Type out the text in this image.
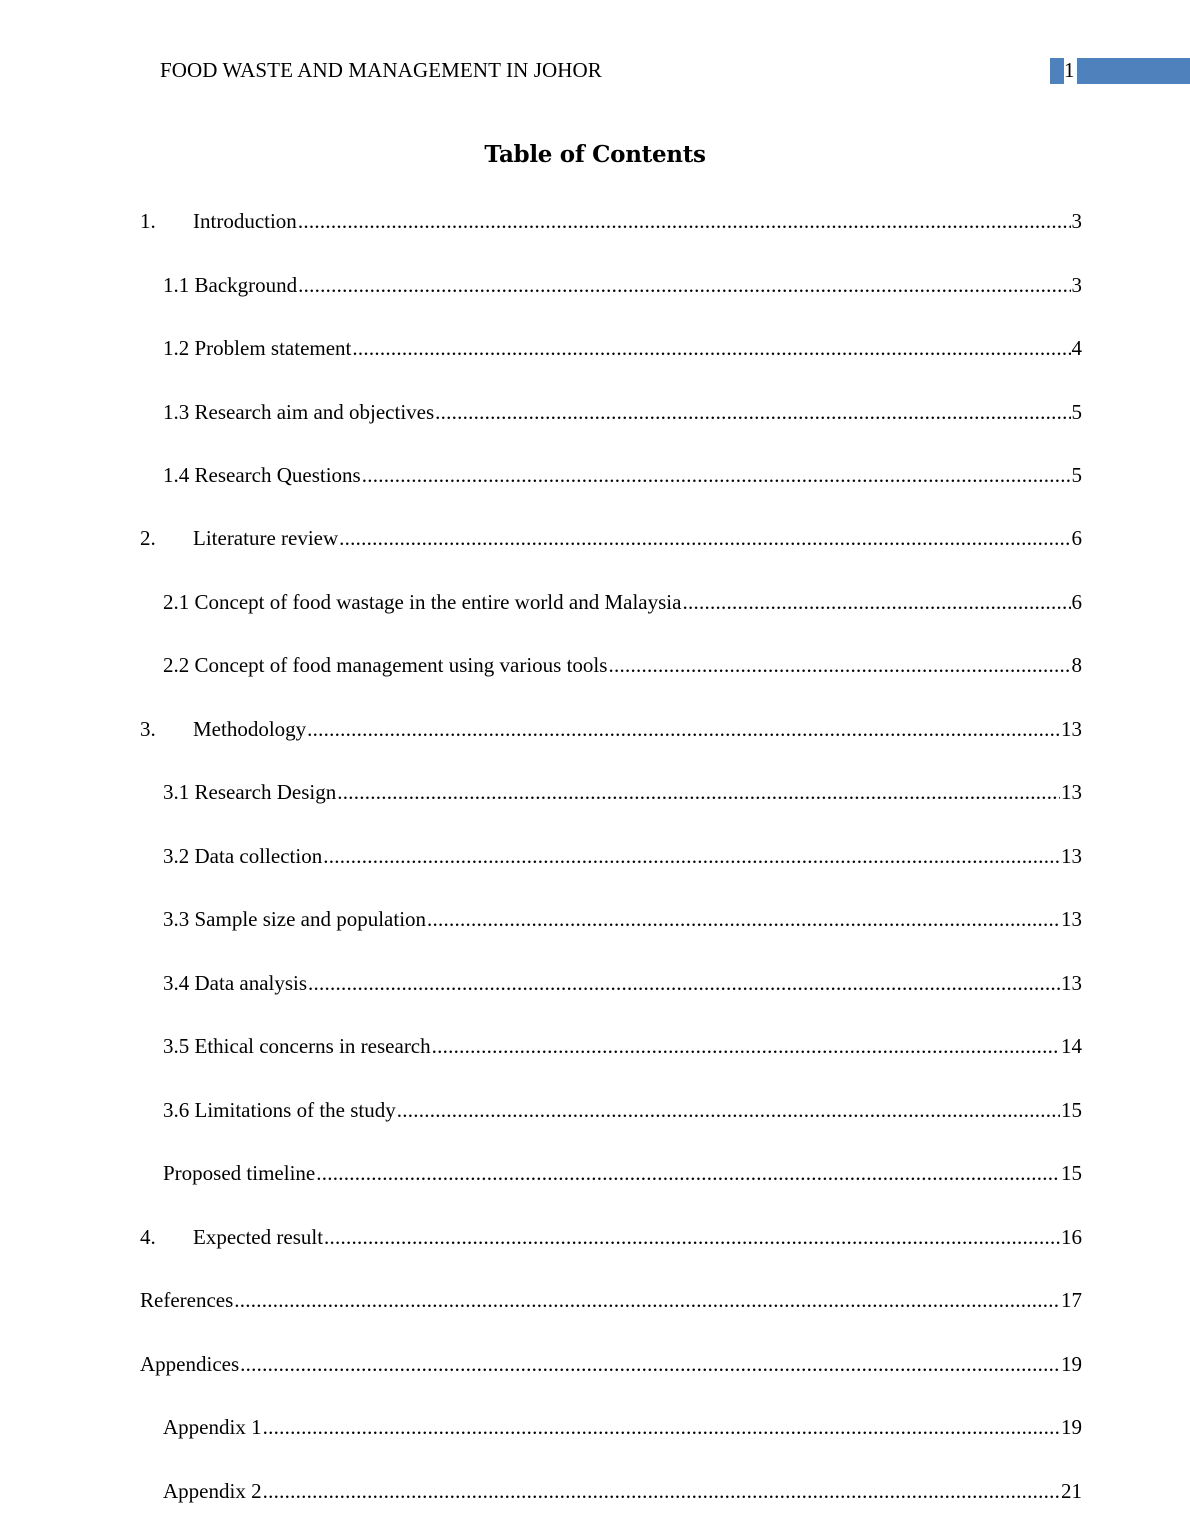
FOOD WASTE AND MANAGEMENT IN JOHOR	1
Table of Contents
1.	Introduction .....	3
1.1 Background .....	3
1.2 Problem statement .....	4
1.3 Research aim and objectives .....	5
1.4 Research Questions .....	5
2.	Literature review .....	6
2.1 Concept of food wastage in the entire world and Malaysia .....	6
2.2 Concept of food management using various tools .....	8
3.	Methodology .....	13
3.1 Research Design .....	13
3.2 Data collection .....	13
3.3 Sample size and population .....	13
3.4 Data analysis .....	13
3.5 Ethical concerns in research .....	14
3.6 Limitations of the study .....	15
Proposed timeline .....	15
4.	Expected result .....	16
References .....	17
Appendices .....	19
Appendix 1 .....	19
Appendix 2 .....	21
